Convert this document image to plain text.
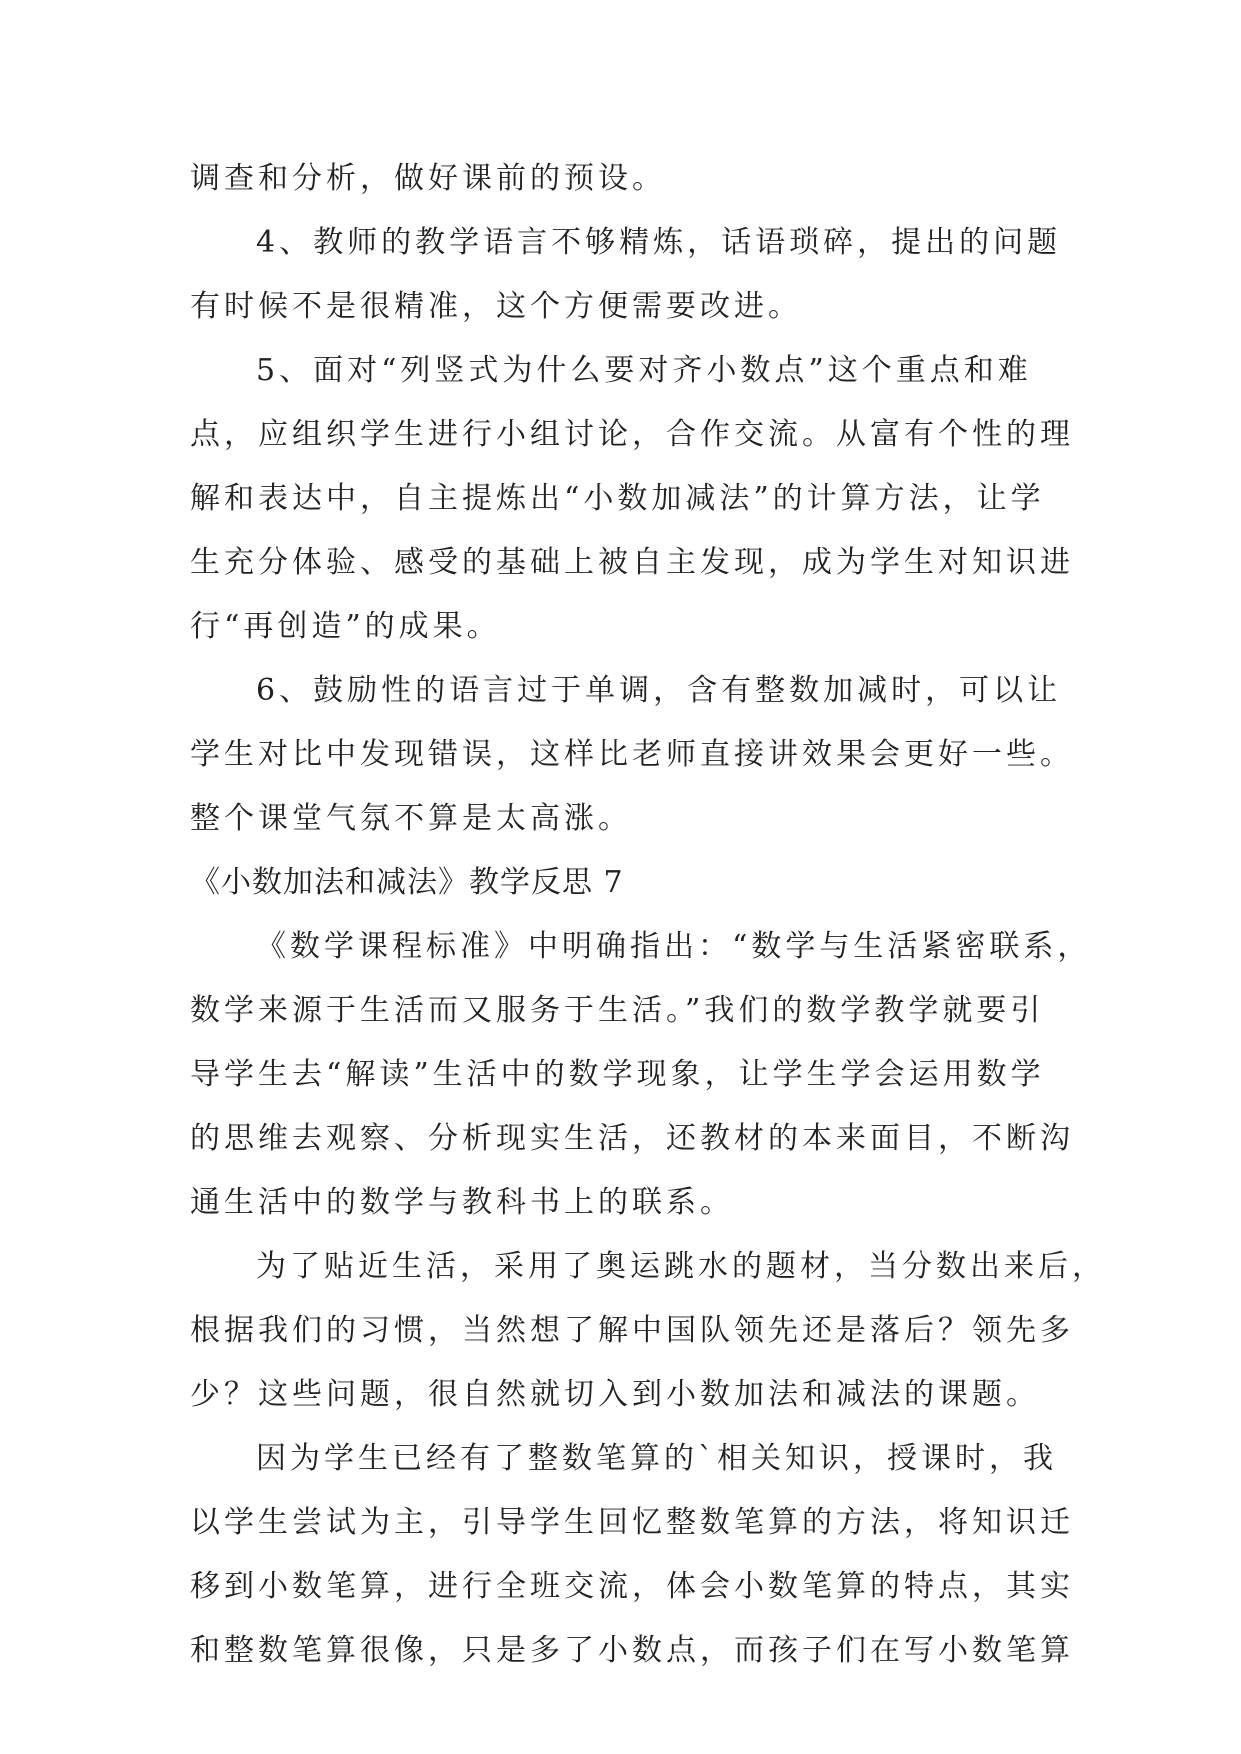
调查和分析，做好课前的预设。
4、教师的教学语言不够精炼，话语琐碎，提出的问题
有时候不是很精准，这个方便需要改进。
5、面对“列竖式为什么要对齐小数点”这个重点和难
点，应组织学生进行小组讨论，合作交流。从富有个性的理
解和表达中，自主提炼出“小数加减法”的计算方法，让学
生充分体验、感受的基础上被自主发现，成为学生对知识进
行“再创造”的成果。
6、鼓励性的语言过于单调，含有整数加减时，可以让
学生对比中发现错误，这样比老师直接讲效果会更好一些。
整个课堂气氛不算是太高涨。
《小数加法和减法》教学反思 7
《数学课程标准》中明确指出：“数学与生活紧密联系，
数学来源于生活而又服务于生活。”我们的数学教学就要引
导学生去“解读”生活中的数学现象，让学生学会运用数学
的思维去观察、分析现实生活，还教材的本来面目，不断沟
通生活中的数学与教科书上的联系。
为了贴近生活，采用了奥运跳水的题材，当分数出来后，
根据我们的习惯，当然想了解中国队领先还是落后？领先多
少？这些问题，很自然就切入到小数加法和减法的课题。
因为学生已经有了整数笔算的`相关知识，授课时，我
以学生尝试为主，引导学生回忆整数笔算的方法，将知识迁
移到小数笔算，进行全班交流，体会小数笔算的特点，其实
和整数笔算很像，只是多了小数点，而孩子们在写小数笔算
